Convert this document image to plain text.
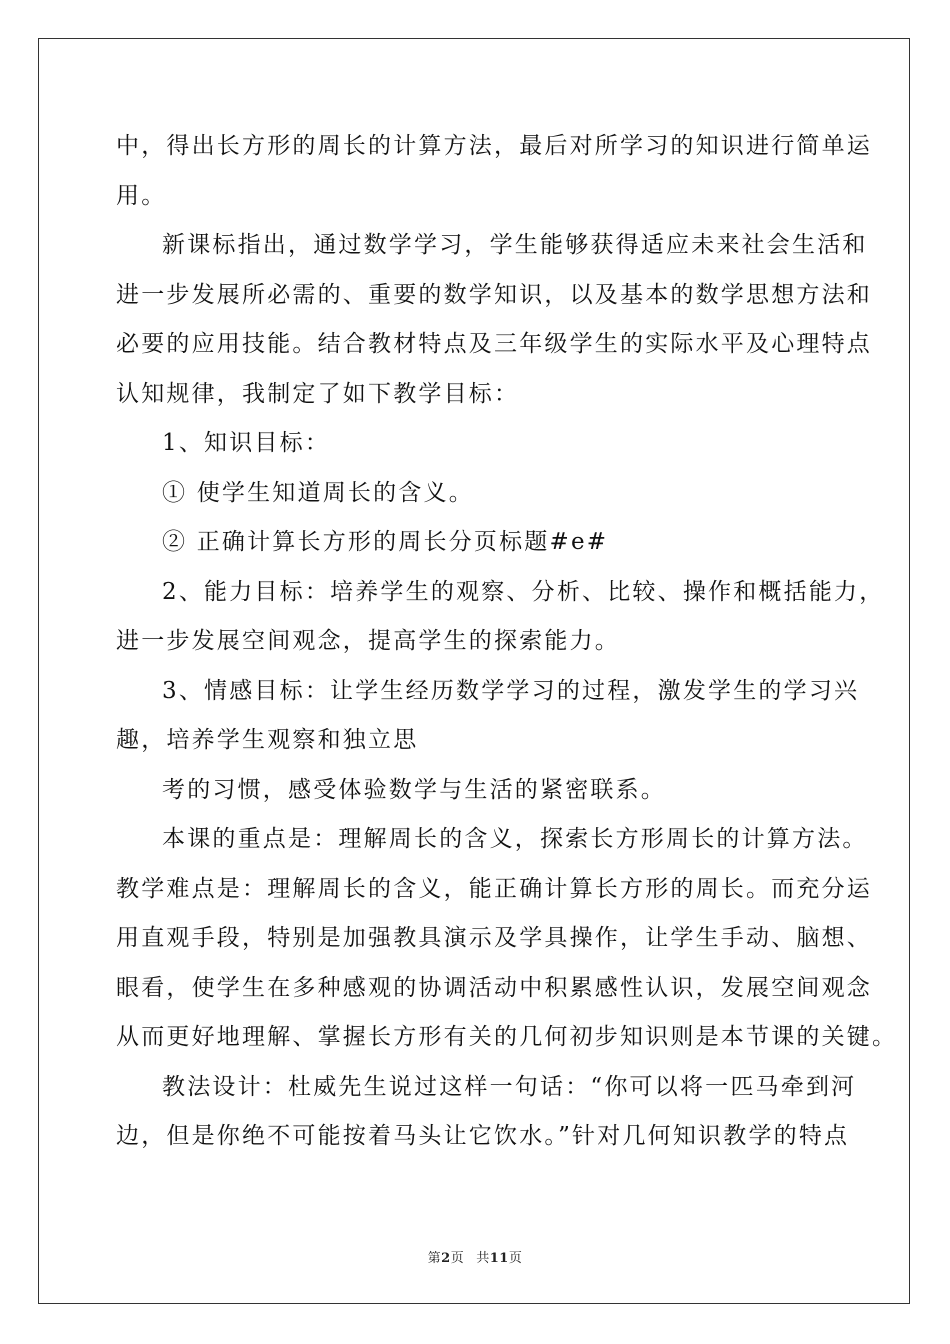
中，得出长方形的周长的计算方法，最后对所学习的知识进行简单运
用。
新课标指出，通过数学学习，学生能够获得适应未来社会生活和
进一步发展所必需的、重要的数学知识，以及基本的数学思想方法和
必要的应用技能。结合教材特点及三年级学生的实际水平及心理特点
认知规律，我制定了如下教学目标：
1、知识目标：
① 使学生知道周长的含义。
② 正确计算长方形的周长分页标题#e#
2、能力目标：培养学生的观察、分析、比较、操作和概括能力，
进一步发展空间观念，提高学生的探索能力。
3、情感目标：让学生经历数学学习的过程，激发学生的学习兴
趣，培养学生观察和独立思
考的习惯，感受体验数学与生活的紧密联系。
本课的重点是：理解周长的含义，探索长方形周长的计算方法。
教学难点是：理解周长的含义，能正确计算长方形的周长。而充分运
用直观手段，特别是加强教具演示及学具操作，让学生手动、脑想、
眼看，使学生在多种感观的协调活动中积累感性认识，发展空间观念
从而更好地理解、掌握长方形有关的几何初步知识则是本节课的关键。
教法设计：杜威先生说过这样一句话：“你可以将一匹马牵到河
边，但是你绝不可能按着马头让它饮水。”针对几何知识教学的特点
第2页 共11页
